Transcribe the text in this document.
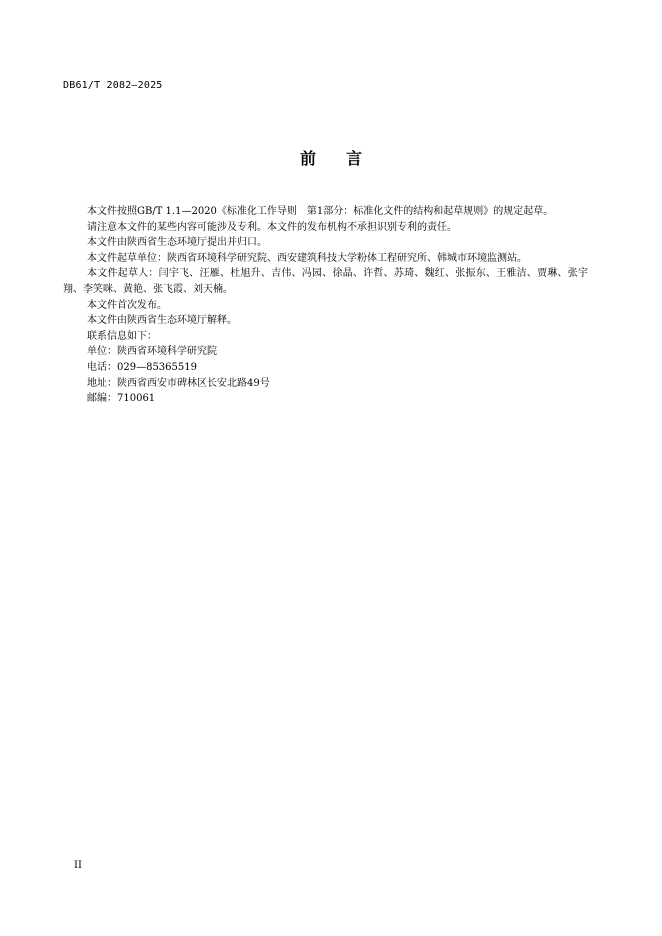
DB61/T 2082—2025
前言

本文件按照GB/T 1.1—2020《标准化工作导则　第1部分：标准化文件的结构和起草规则》的规定起草。

请注意本文件的某些内容可能涉及专利。本文件的发布机构不承担识别专利的责任。

本文件由陕西省生态环境厅提出并归口。

本文件起草单位：陕西省环境科学研究院、西安建筑科技大学粉体工程研究所、韩城市环境监测站。

本文件起草人：闫宇飞、汪雁、杜旭升、吉伟、冯园、徐晶、许哲、苏琦、魏红、张振东、王雅洁、贾琳、张宇翔、李笑咪、黄艳、张飞霞、刘天楠。

本文件首次发布。

本文件由陕西省生态环境厅解释。

联系信息如下：

单位：陕西省环境科学研究院

电话：029—85365519

地址：陕西省西安市碑林区长安北路49号

邮编：710061

II
